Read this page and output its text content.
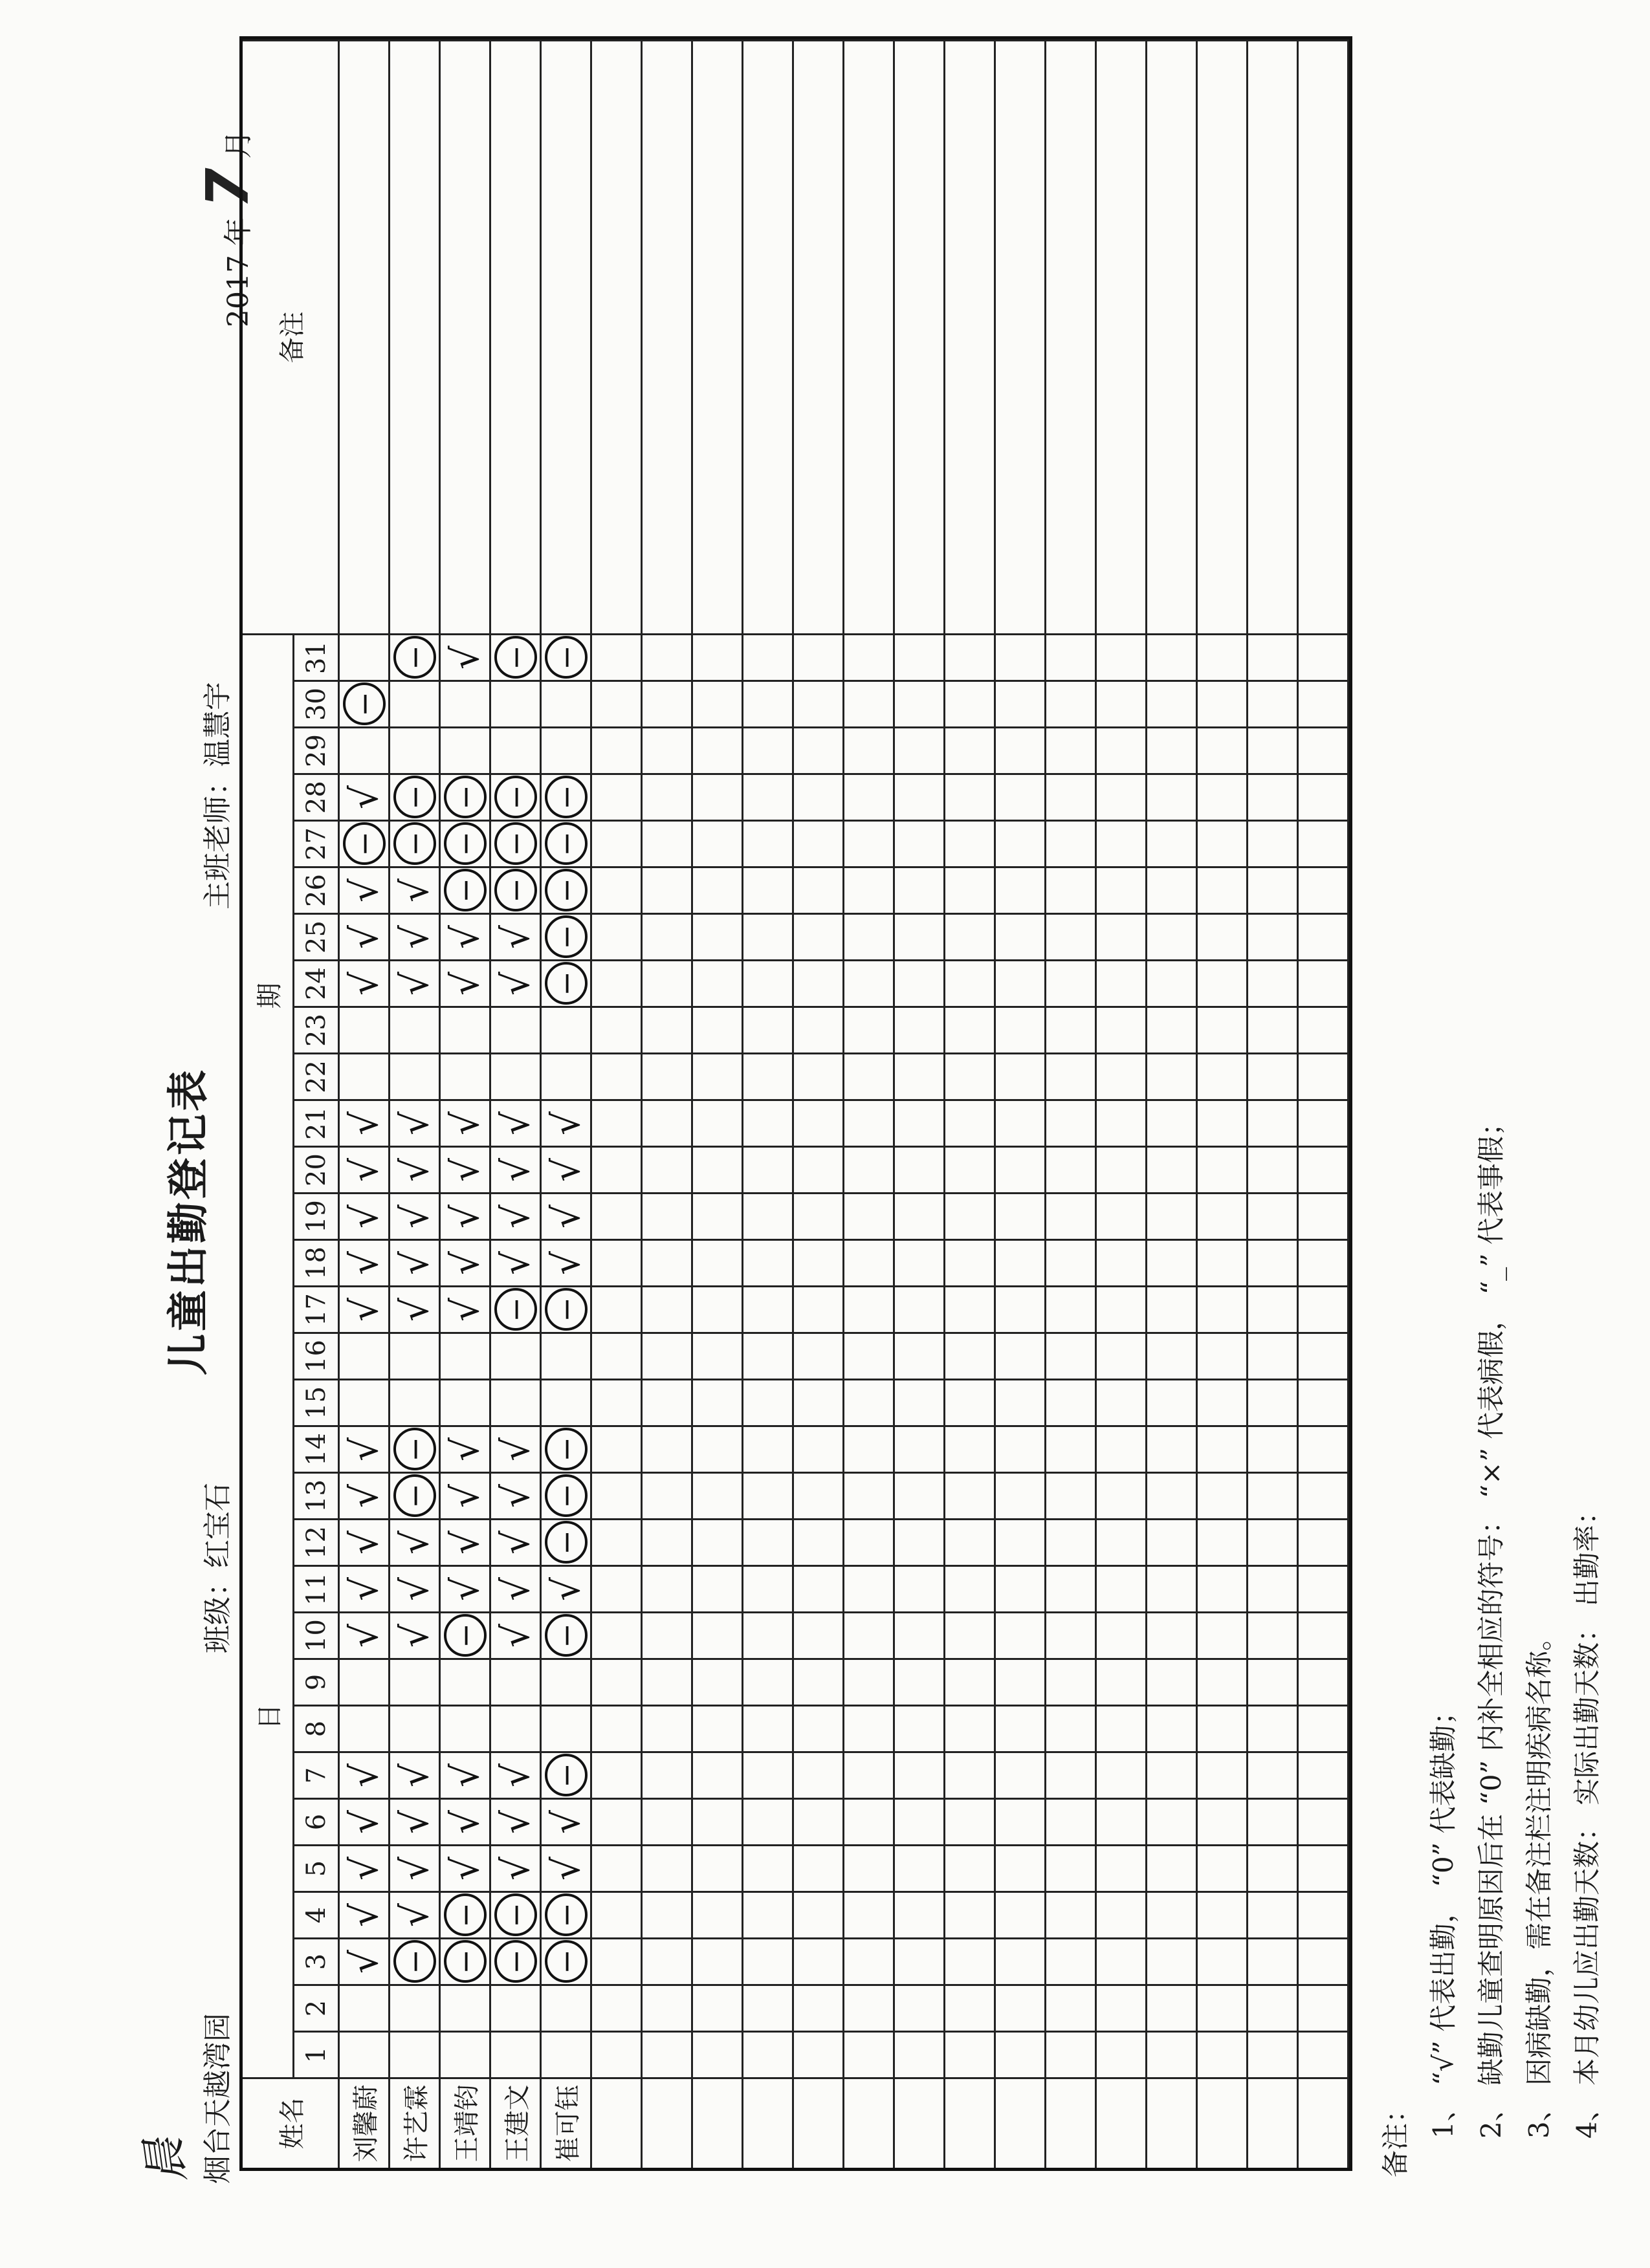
晨
儿童出勤登记表
烟台天越湾园
班级：红宝石
主班老师：温慧宇
2017 年 7 月
姓名
日
期
备注
1
2
3
4
5
6
7
8
9
10
11
12
13
14
15
16
17
18
19
20
21
22
23
24
25
26
27
28
29
30
31
刘馨蔚
√
√
√
√
√
√
√
√
√
√
√
√
√
√
√
√
√
√
−
√
−
许艺霖
−
√
√
√
√
√
√
√
−
−
√
√
√
√
√
√
√
√
−
−
−
王靖钧
−
−
√
√
√
−
√
√
√
√
√
√
√
√
√
√
√
−
−
−
√
王建文
−
−
√
√
√
√
√
√
√
√
−
√
√
√
√
√
√
−
−
−
−
崔可钰
−
−
√
√
−
−
√
−
−
−
−
√
√
√
√
−
−
−
−
−
−
备注： 1、 “√” 代表出勤， “0” 代表缺勤； 2、 缺勤儿童查明原因后在 “0” 内补全相应的符号： “×” 代表病假， “_” 代表事假； 3、 因病缺勤，需在备注栏注明疾病名称。 4、 本月幼儿应出勤天数： 实际出勤天数： 出勤率：
